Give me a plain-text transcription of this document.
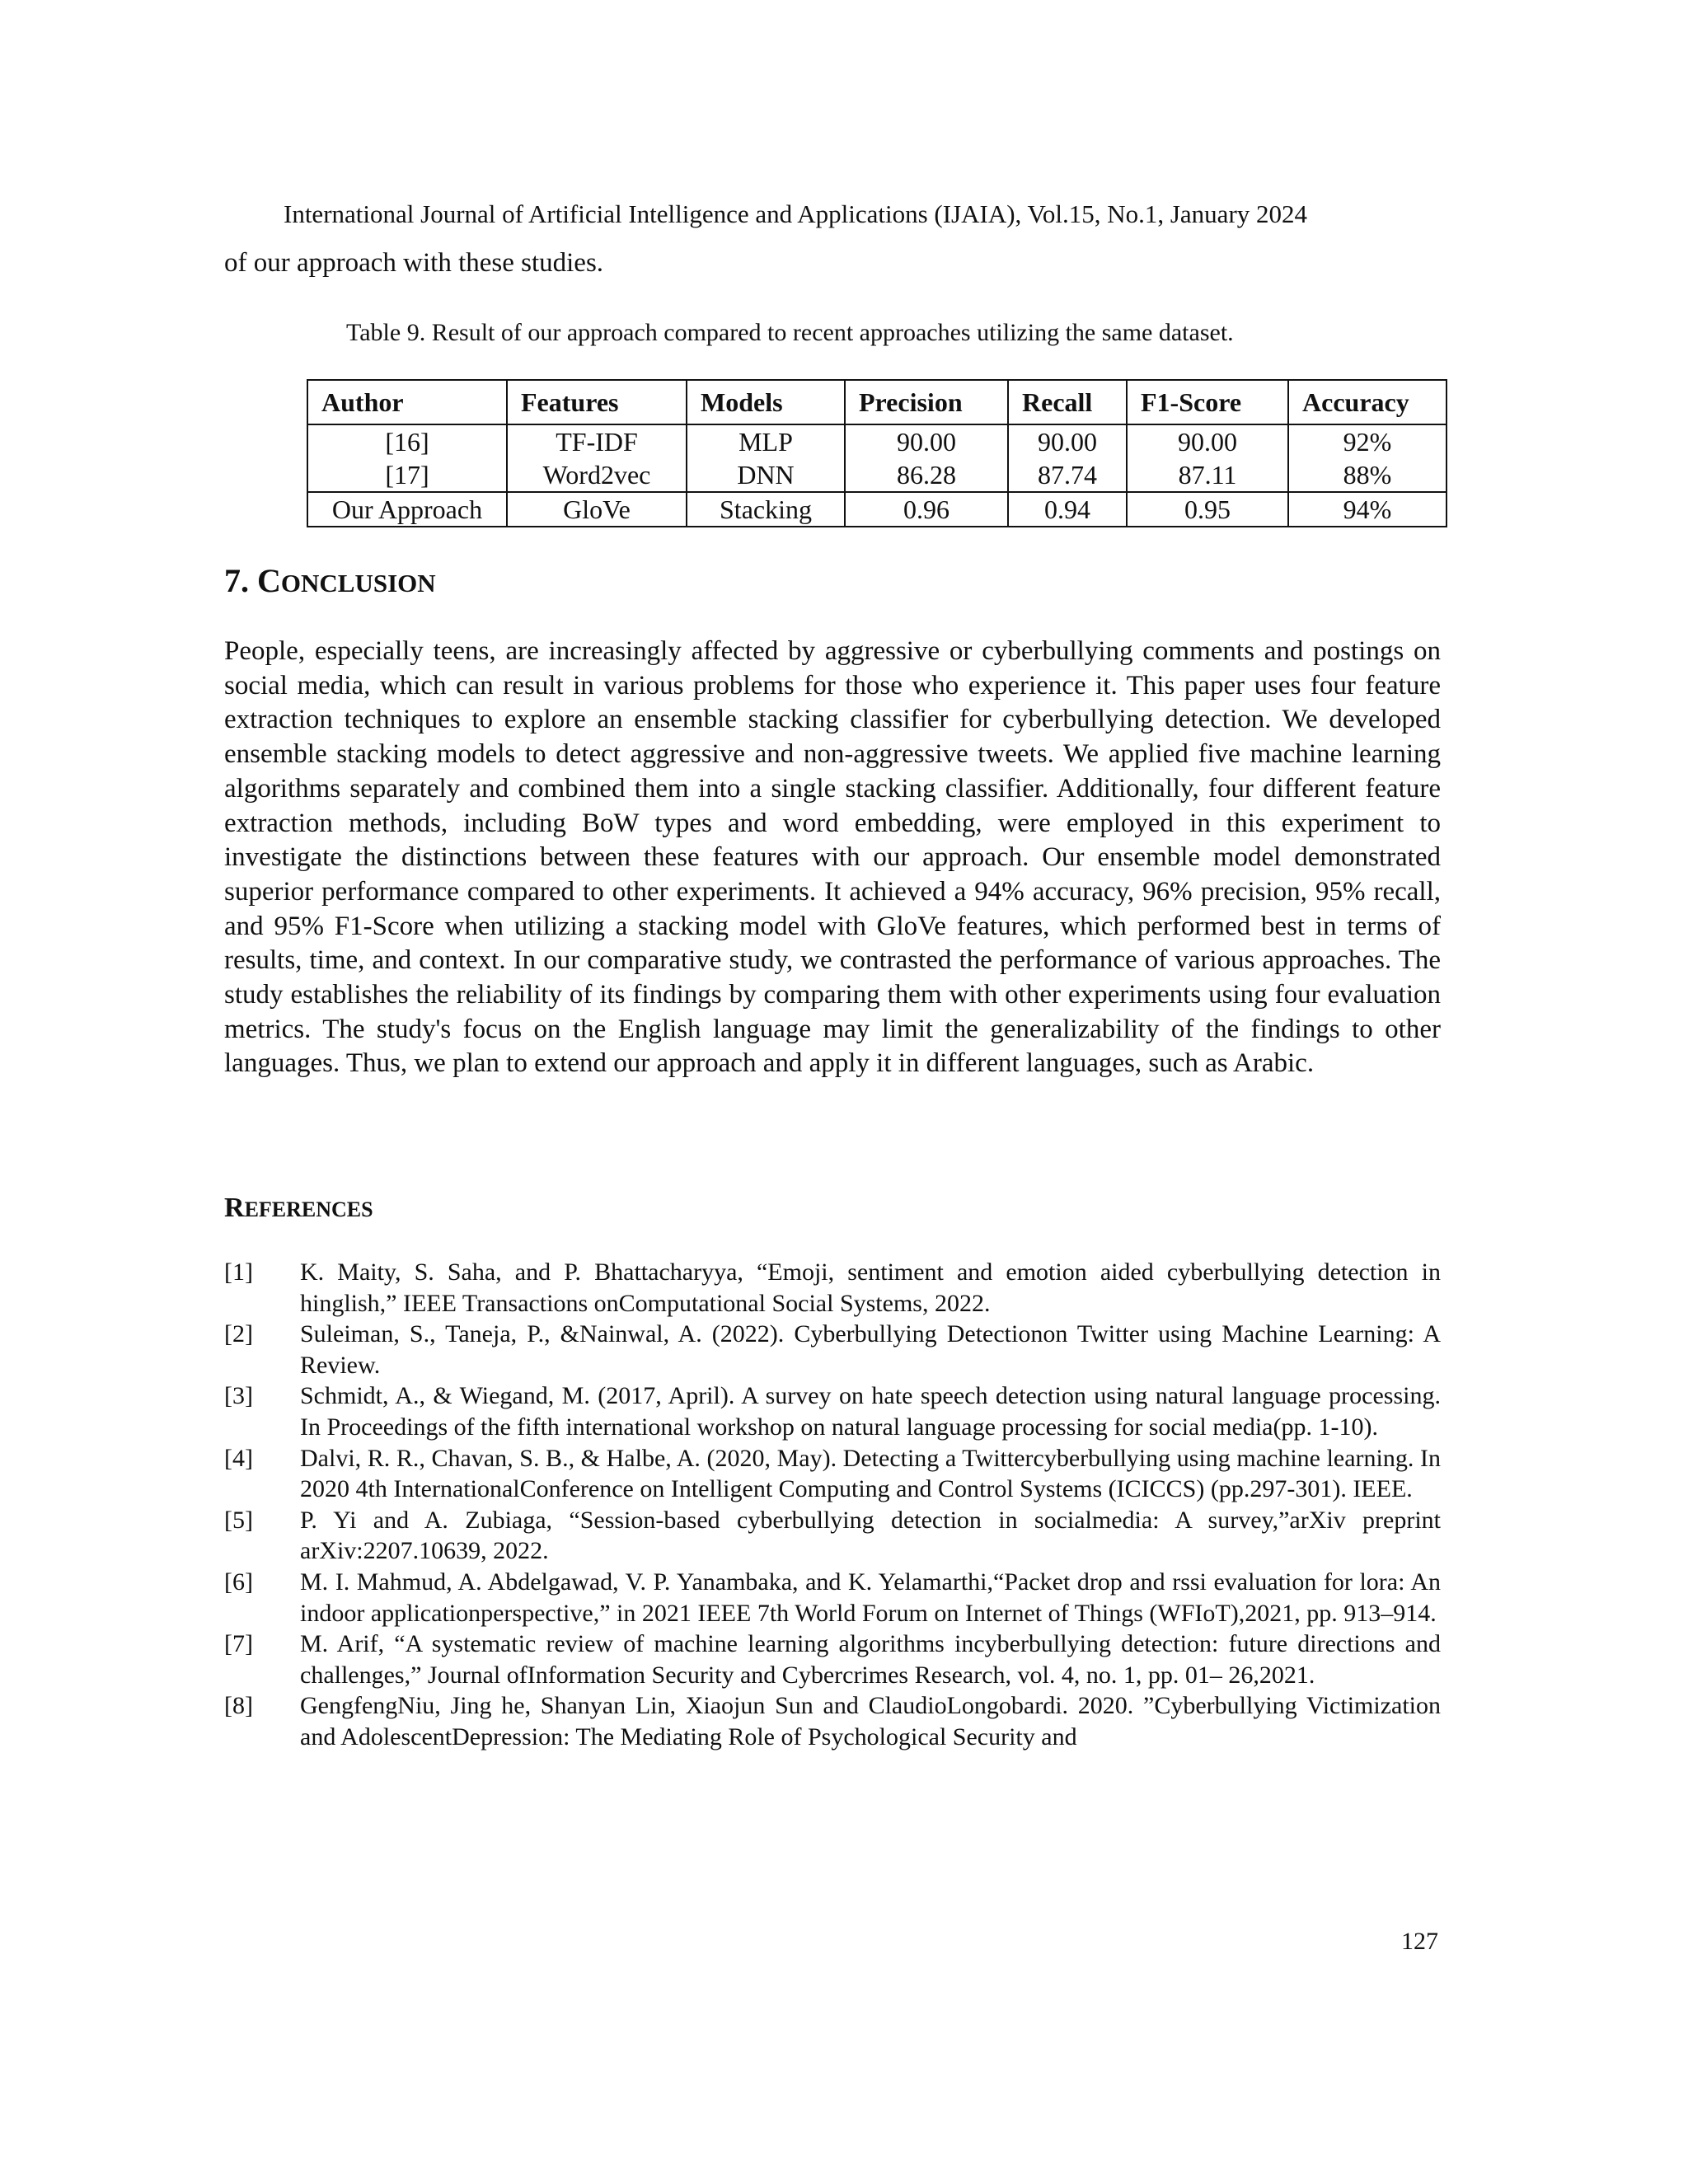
International Journal of Artificial Intelligence and Applications (IJAIA), Vol.15, No.1, January 2024
of our approach with these studies.
Table 9. Result of our approach compared to recent approaches utilizing the same dataset.
Author	Features	Models	Precision	Recall	F1-Score	Accuracy
[16]	TF-IDF	MLP	90.00	90.00	90.00	92%
[17]	Word2vec	DNN	86.28	87.74	87.11	88%
Our Approach	GloVe	Stacking	0.96	0.94	0.95	94%
7. CONCLUSION

People, especially teens, are increasingly affected by aggressive or cyberbullying comments and postings on social media, which can result in various problems for those who experience it. This paper uses four feature extraction techniques to explore an ensemble stacking classifier for cyberbullying detection. We developed ensemble stacking models to detect aggressive and non-aggressive tweets. We applied five machine learning algorithms separately and combined them into a single stacking classifier. Additionally, four different feature extraction methods, including BoW types and word embedding, were employed in this experiment to investigate the distinctions between these features with our approach. Our ensemble model demonstrated superior performance compared to other experiments. It achieved a 94% accuracy, 96% precision, 95% recall, and 95% F1-Score when utilizing a stacking model with GloVe features, which performed best in terms of results, time, and context. In our comparative study, we contrasted the performance of various approaches. The study establishes the reliability of its findings by comparing them with other experiments using four evaluation metrics. The study's focus on the English language may limit the generalizability of the findings to other languages. Thus, we plan to extend our approach and apply it in different languages, such as Arabic.

REFERENCES
[1]	K. Maity, S. Saha, and P. Bhattacharyya, “Emoji, sentiment and emotion aided cyberbullying detection in hinglish,” IEEE Transactions onComputational Social Systems, 2022.
[2]	Suleiman, S., Taneja, P., &Nainwal, A. (2022). Cyberbullying Detectionon Twitter using Machine Learning: A Review.
[3]	Schmidt, A., & Wiegand, M. (2017, April). A survey on hate speech detection using natural language processing. In Proceedings of the fifth international workshop on natural language processing for social media(pp. 1-10).
[4]	Dalvi, R. R., Chavan, S. B., & Halbe, A. (2020, May). Detecting a Twittercyberbullying using machine learning. In 2020 4th InternationalConference on Intelligent Computing and Control Systems (ICICCS) (pp.297-301). IEEE.
[5]	P. Yi and A. Zubiaga, “Session-based cyberbullying detection in socialmedia: A survey,”arXiv preprint arXiv:2207.10639, 2022.
[6]	M. I. Mahmud, A. Abdelgawad, V. P. Yanambaka, and K. Yelamarthi,“Packet drop and rssi evaluation for lora: An indoor applicationperspective,” in 2021 IEEE 7th World Forum on Internet of Things (WFIoT),2021, pp. 913–914.
[7]	M. Arif, “A systematic review of machine learning algorithms incyberbullying detection: future directions and challenges,” Journal ofInformation Security and Cybercrimes Research, vol. 4, no. 1, pp. 01– 26,2021.
[8]	GengfengNiu, Jing he, Shanyan Lin, Xiaojun Sun and ClaudioLongobardi. 2020. ”Cyberbullying Victimization and AdolescentDepression: The Mediating Role of Psychological Security and
127
